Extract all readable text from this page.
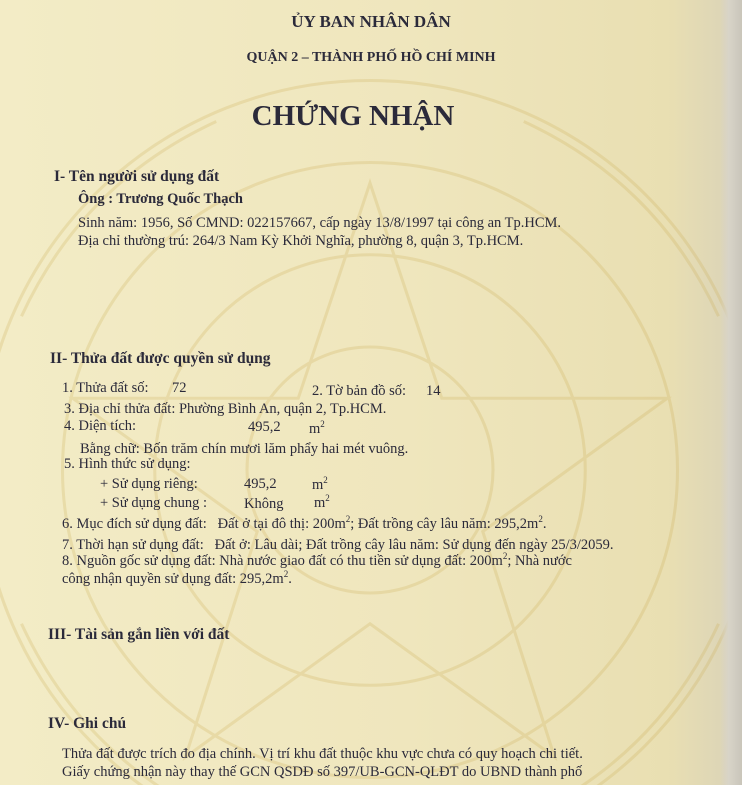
ỦY BAN NHÂN DÂN
QUẬN 2 – THÀNH PHỐ HỒ CHÍ MINH
CHỨNG NHẬN
I- Tên người sử dụng đất
Ông : Trương Quốc Thạch
Sinh năm: 1956, Số CMND: 022157667, cấp ngày 13/8/1997 tại công an Tp.HCM.
Địa chỉ thường trú: 264/3 Nam Kỳ Khởi Nghĩa, phường 8, quận 3, Tp.HCM.
II- Thửa đất được quyền sử dụng
1. Thửa đất số: 72	2. Tờ bản đồ số: 14
3. Địa chỉ thửa đất: Phường Bình An, quận 2, Tp.HCM.
4. Diện tích:	495,2 $m^2$
Bằng chữ: Bốn trăm chín mươi lăm phẩy hai mét vuông.
5. Hình thức sử dụng:
+ Sử dụng riêng:	495,2 $m^2$
+ Sử dụng chung :	Không $m^2$
6. Mục đích sử dụng đất: Đất ở tại đô thị: $200m^2$; Đất trồng cây lâu năm: $295,2m^2$.
7. Thời hạn sử dụng đất: Đất ở: Lâu dài; Đất trồng cây lâu năm: Sử dụng đến ngày 25/3/2059.
8. Nguồn gốc sử dụng đất: Nhà nước giao đất có thu tiền sử dụng đất: $200m^2$; Nhà nước
công nhận quyền sử dụng đất: $295,2m^2$.
III- Tài sản gắn liền với đất
IV- Ghi chú
Thửa đất được trích đo địa chính. Vị trí khu đất thuộc khu vực chưa có quy hoạch chi tiết.
Giấy chứng nhận này thay thế GCN QSDĐ số 397/UB-GCN-QLĐT do UBND thành phố
